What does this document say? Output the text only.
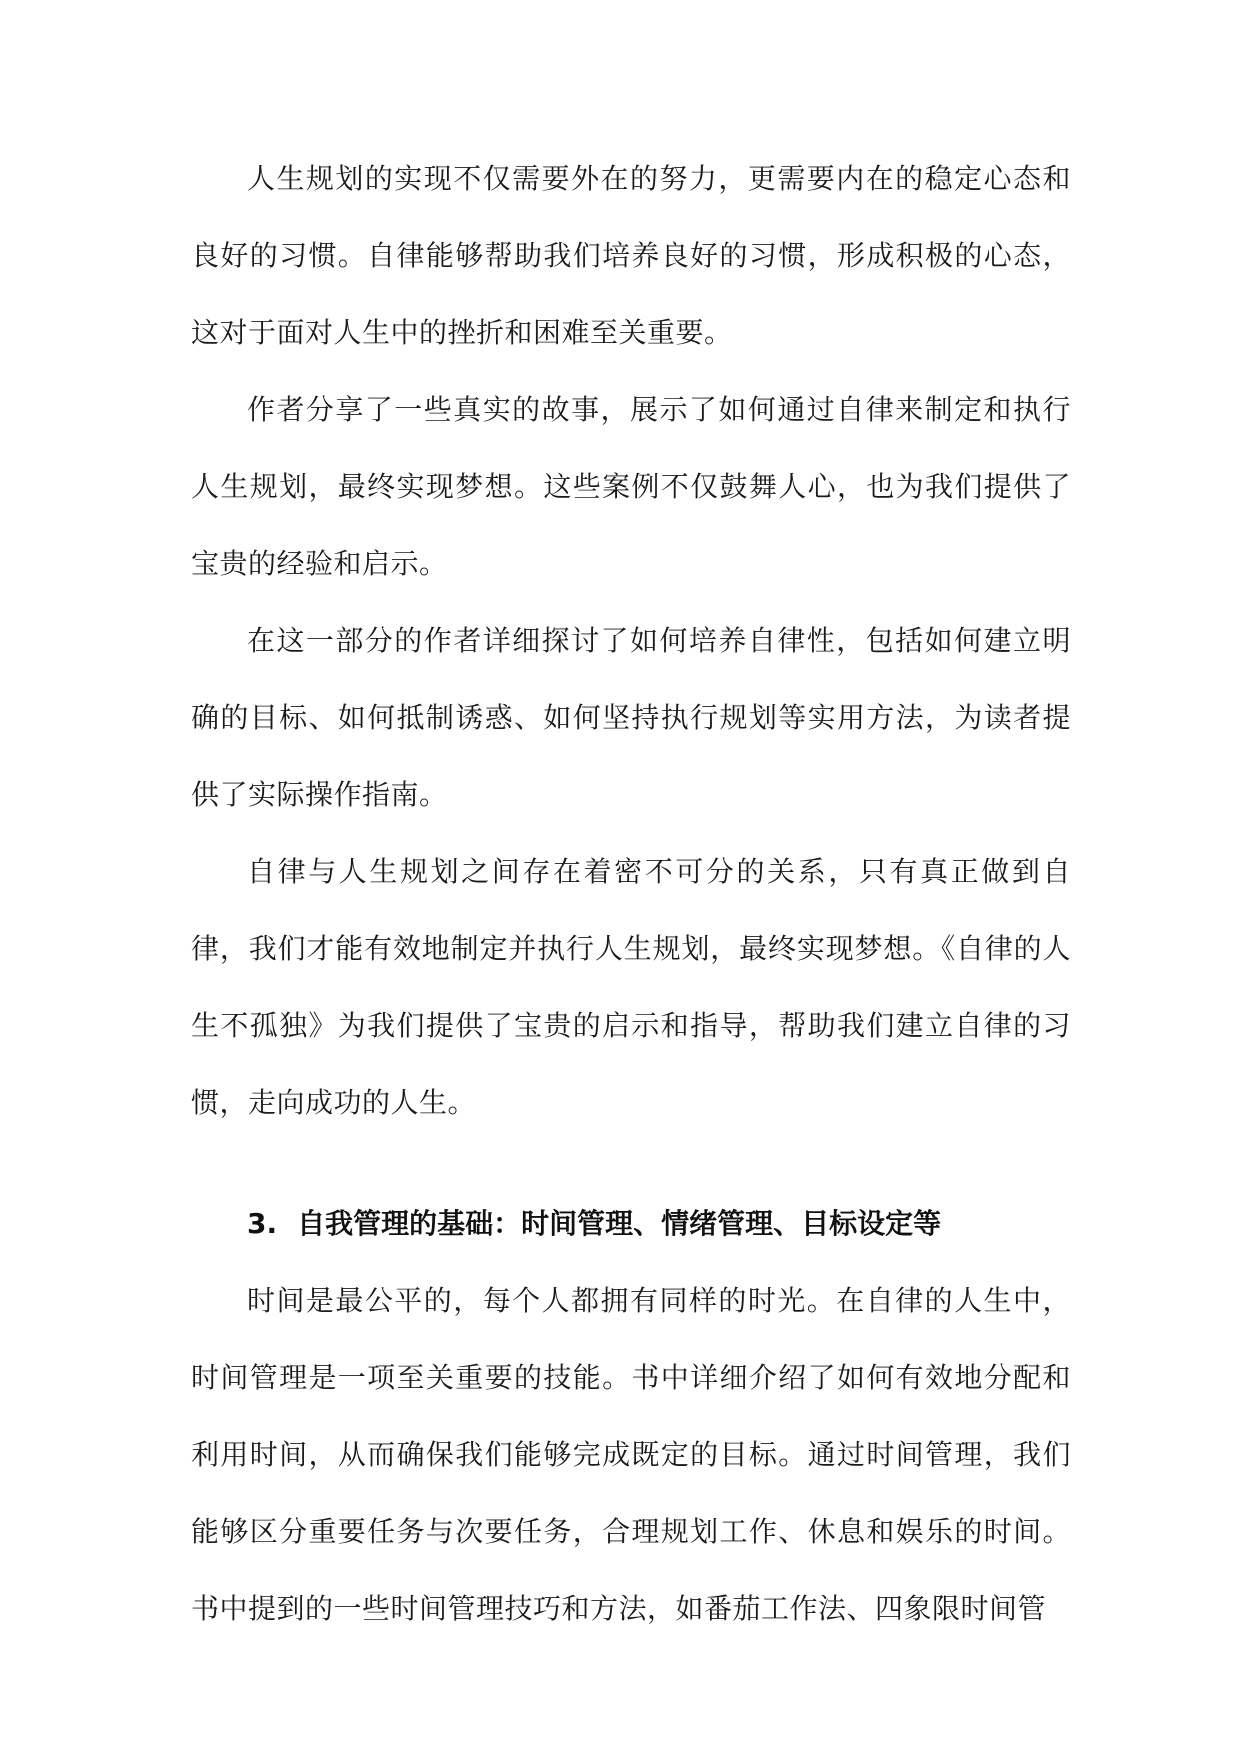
人生规划的实现不仅需要外在的努力，更需要内在的稳定心态和良好的习惯。自律能够帮助我们培养良好的习惯，形成积极的心态，这对于面对人生中的挫折和困难至关重要。

作者分享了一些真实的故事，展示了如何通过自律来制定和执行人生规划，最终实现梦想。这些案例不仅鼓舞人心，也为我们提供了宝贵的经验和启示。

在这一部分的作者详细探讨了如何培养自律性，包括如何建立明确的目标、如何抵制诱惑、如何坚持执行规划等实用方法，为读者提供了实际操作指南。

自律与人生规划之间存在着密不可分的关系，只有真正做到自律，我们才能有效地制定并执行人生规划，最终实现梦想。《自律的人生不孤独》为我们提供了宝贵的启示和指导，帮助我们建立自律的习惯，走向成功的人生。

3. 自我管理的基础：时间管理、情绪管理、目标设定等

时间是最公平的，每个人都拥有同样的时光。在自律的人生中，时间管理是一项至关重要的技能。书中详细介绍了如何有效地分配和利用时间，从而确保我们能够完成既定的目标。通过时间管理，我们能够区分重要任务与次要任务，合理规划工作、休息和娱乐的时间。书中提到的一些时间管理技巧和方法，如番茄工作法、四象限时间管
